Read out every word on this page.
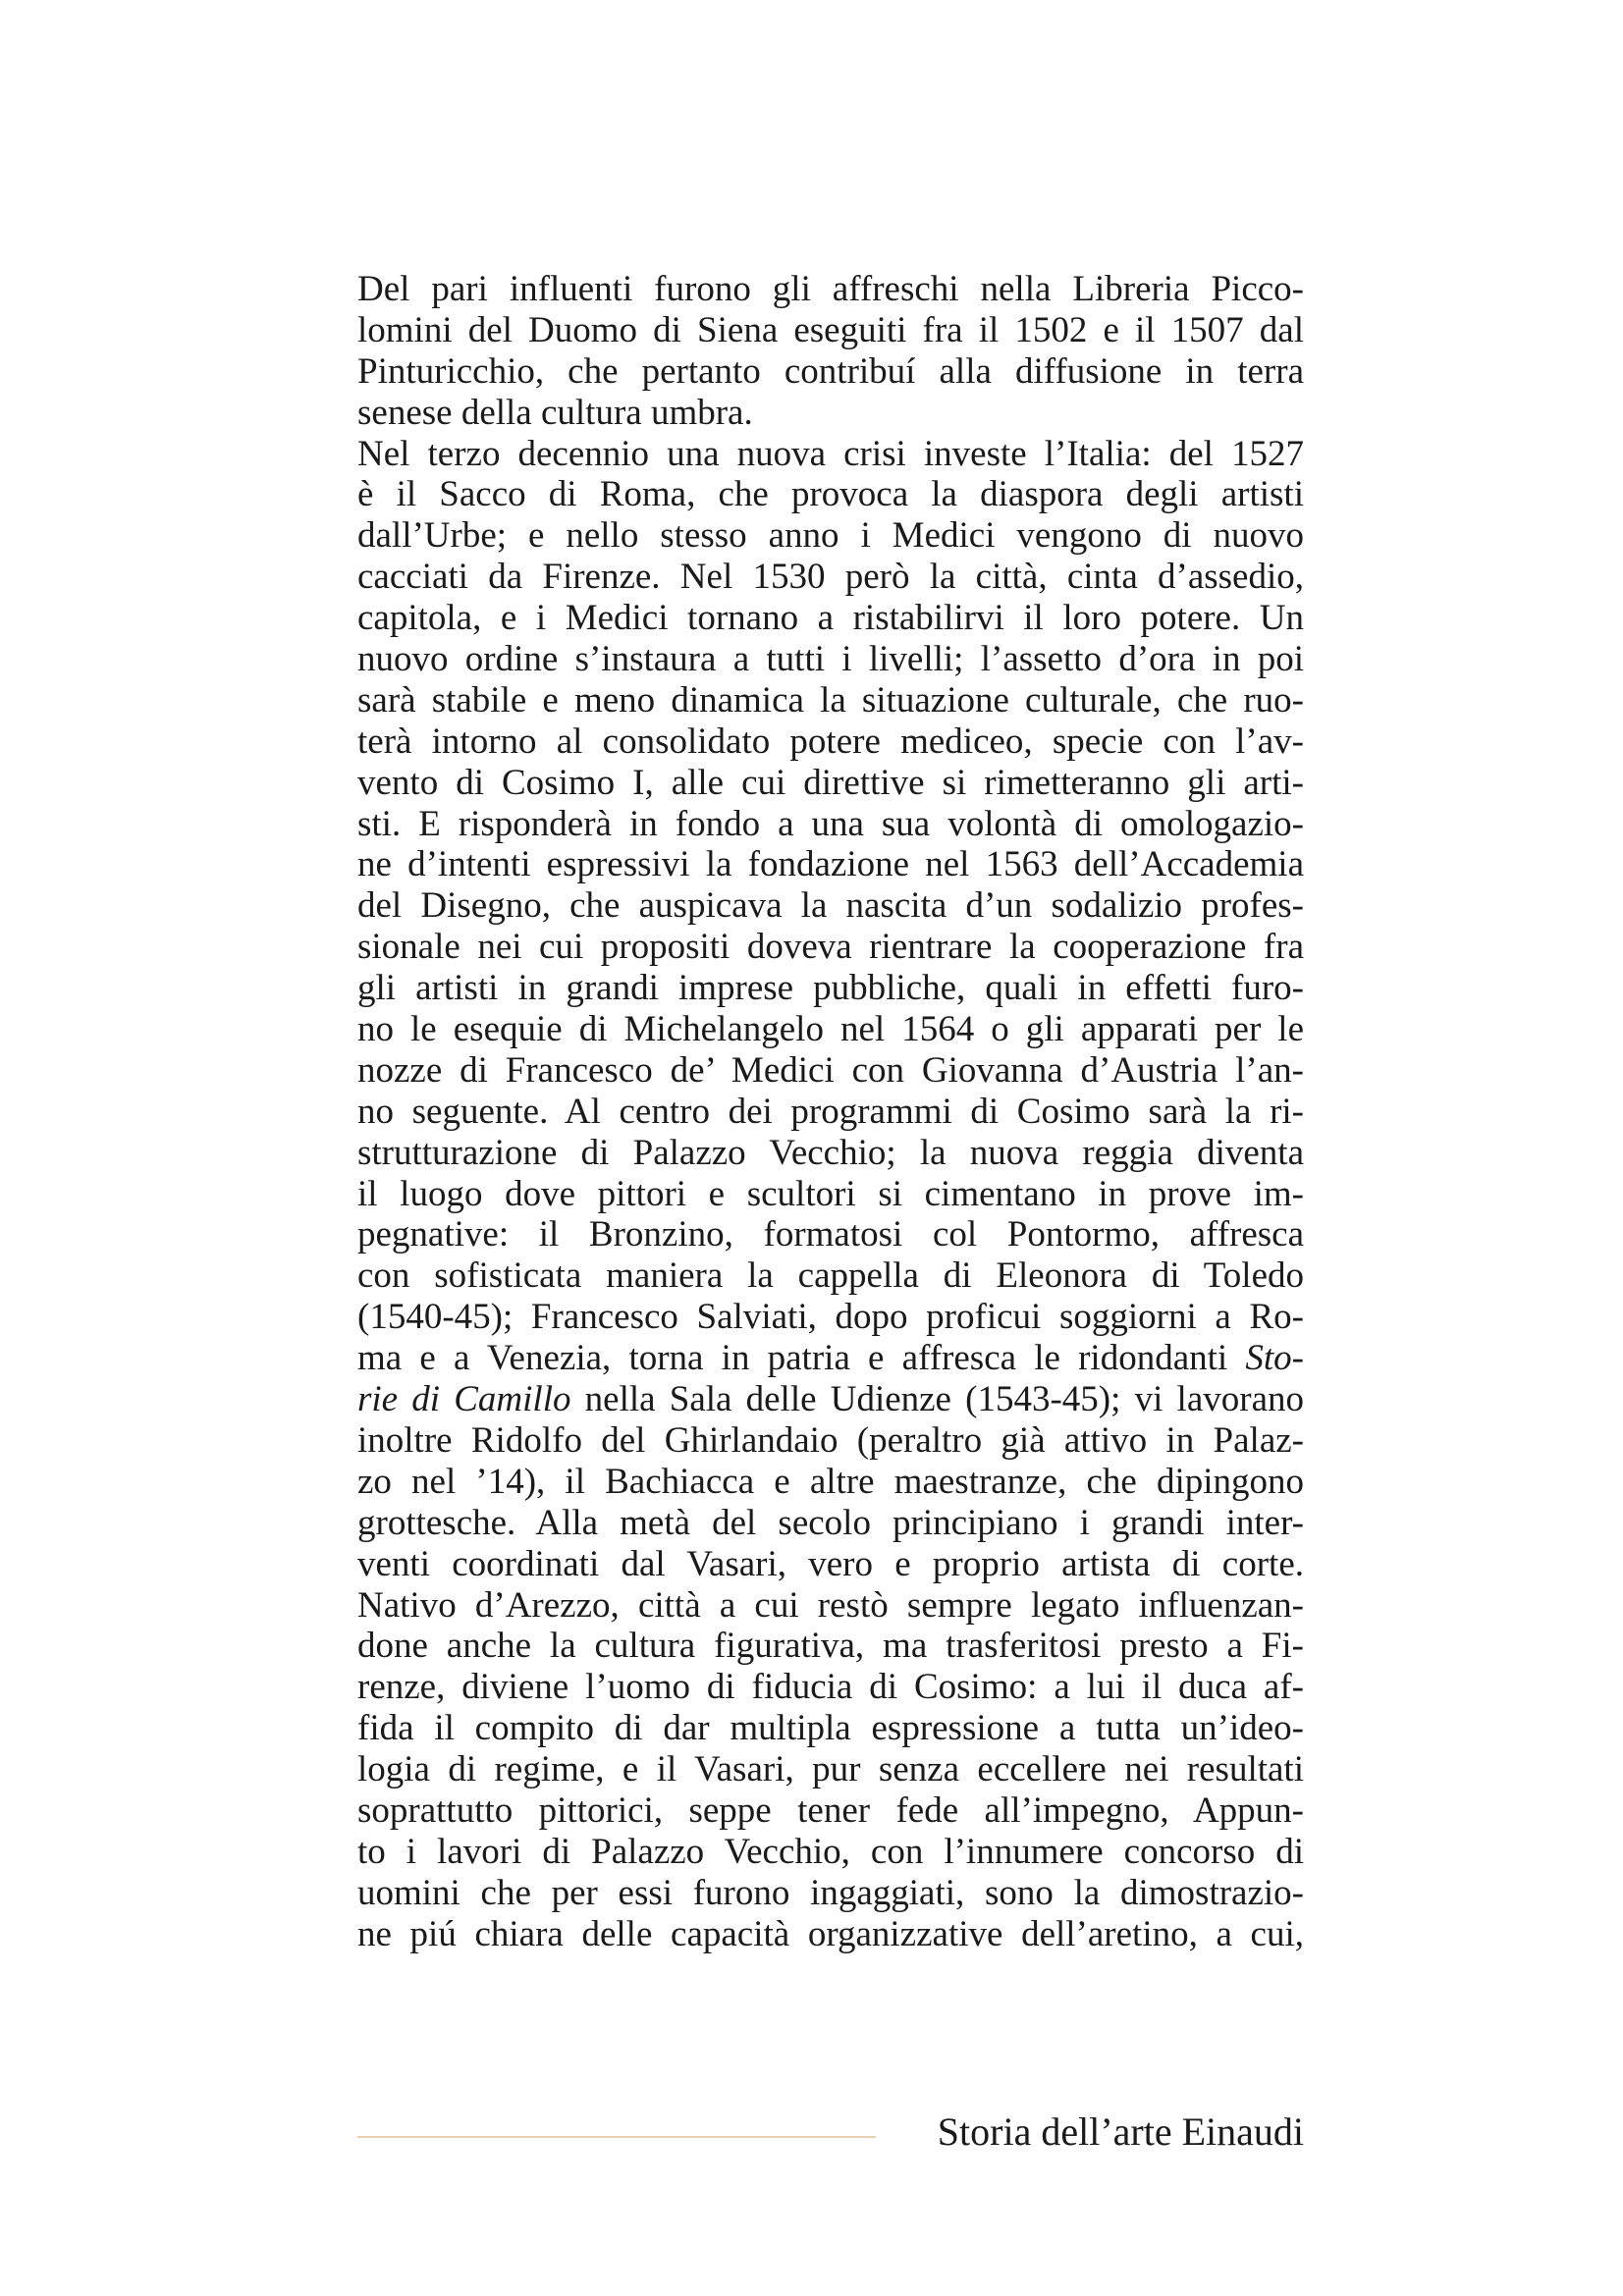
Del pari influenti furono gli affreschi nella Libreria Picco-
lomini del Duomo di Siena eseguiti fra il 1502 e il 1507 dal
Pinturicchio, che pertanto contribuí alla diffusione in terra
senese della cultura umbra.
Nel terzo decennio una nuova crisi investe l’Italia: del 1527
è il Sacco di Roma, che provoca la diaspora degli artisti
dall’Urbe; e nello stesso anno i Medici vengono di nuovo
cacciati da Firenze. Nel 1530 però la città, cinta d’assedio,
capitola, e i Medici tornano a ristabilirvi il loro potere. Un
nuovo ordine s’instaura a tutti i livelli; l’assetto d’ora in poi
sarà stabile e meno dinamica la situazione culturale, che ruo-
terà intorno al consolidato potere mediceo, specie con l’av-
vento di Cosimo I, alle cui direttive si rimetteranno gli arti-
sti. E risponderà in fondo a una sua volontà di omologazio-
ne d’intenti espressivi la fondazione nel 1563 dell’Accademia
del Disegno, che auspicava la nascita d’un sodalizio profes-
sionale nei cui propositi doveva rientrare la cooperazione fra
gli artisti in grandi imprese pubbliche, quali in effetti furo-
no le esequie di Michelangelo nel 1564 o gli apparati per le
nozze di Francesco de’ Medici con Giovanna d’Austria l’an-
no seguente. Al centro dei programmi di Cosimo sarà la ri-
strutturazione di Palazzo Vecchio; la nuova reggia diventa
il luogo dove pittori e scultori si cimentano in prove im-
pegnative: il Bronzino, formatosi col Pontormo, affresca
con sofisticata maniera la cappella di Eleonora di Toledo
(1540-45); Francesco Salviati, dopo proficui soggiorni a Ro-
ma e a Venezia, torna in patria e affresca le ridondanti Sto-
rie di Camillo nella Sala delle Udienze (1543-45); vi lavorano
inoltre Ridolfo del Ghirlandaio (peraltro già attivo in Palaz-
zo nel ’14), il Bachiacca e altre maestranze, che dipingono
grottesche. Alla metà del secolo principiano i grandi inter-
venti coordinati dal Vasari, vero e proprio artista di corte.
Nativo d’Arezzo, città a cui restò sempre legato influenzan-
done anche la cultura figurativa, ma trasferitosi presto a Fi-
renze, diviene l’uomo di fiducia di Cosimo: a lui il duca af-
fida il compito di dar multipla espressione a tutta un’ideo-
logia di regime, e il Vasari, pur senza eccellere nei resultati
soprattutto pittorici, seppe tener fede all’impegno, Appun-
to i lavori di Palazzo Vecchio, con l’innumere concorso di
uomini che per essi furono ingaggiati, sono la dimostrazio-
ne piú chiara delle capacità organizzative dell’aretino, a cui,
Storia dell’arte Einaudi
